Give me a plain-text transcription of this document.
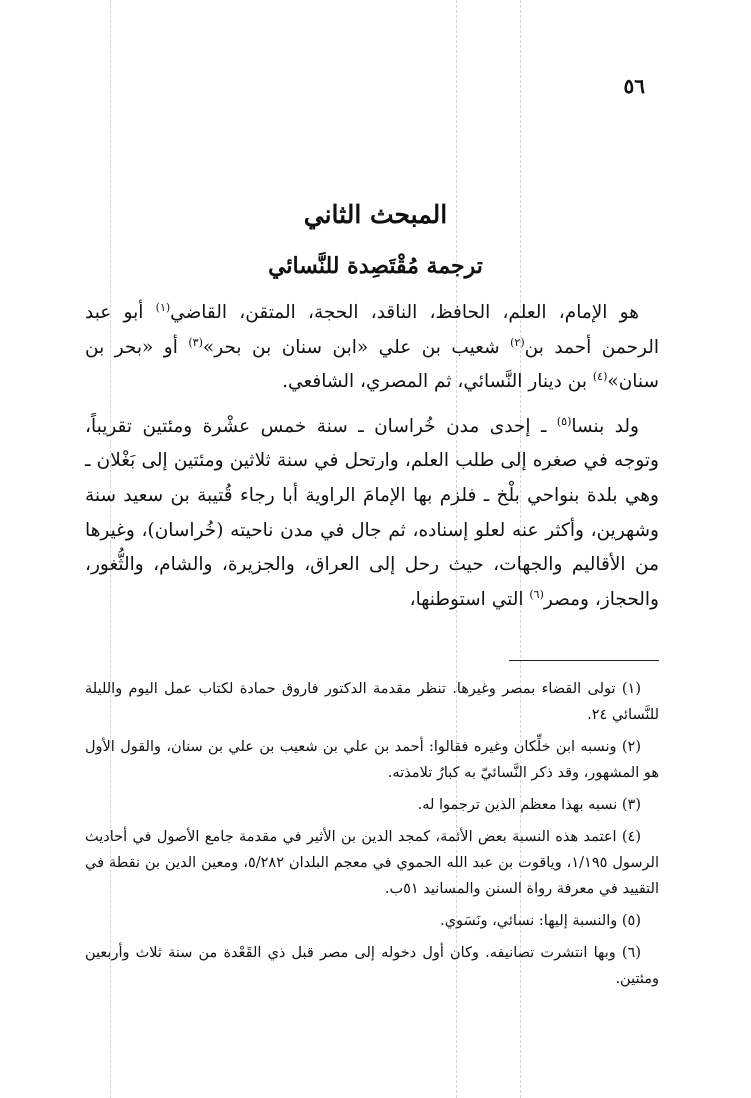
٥٦
المبحث الثاني
ترجمة مُقْتَصِدة للنَّسائي

هو الإمام، العلم، الحافظ، الناقد، الحجة، المتقن، القاضي$^{(١)}$ أبو عبد الرحمن أحمد بن$^{(٢)}$ شعيب بن علي «ابن سنان بن بحر»$^{(٣)}$ أو «بحر بن سنان»$^{(٤)}$ بن دينار النَّسائي، ثم المصري، الشافعي.

ولد بنسا$^{(٥)}$ ـ إحدى مدن خُراسان ـ سنة خمس عشْرة ومئتين تقريباً، وتوجه في صغره إلى طلب العلم، وارتحل في سنة ثلاثين ومئتين إلى بَغْلان ـ وهي بلدة بنواحي بلْخ ـ فلزم بها الإمامَ الراوية أبا رجاء قُتيبة بن سعيد سنة وشهرين، وأكثر عنه لعلو إسناده، ثم جال في مدن ناحيته (خُراسان)، وغيرها من الأقاليم والجهات، حيث رحل إلى العراق، والجزيرة، والشام، والثُّغور، والحجاز، ومصر$^{(٦)}$ التي استوطنها،

(١) تولى القضاء بمصر وغيرها. تنظر مقدمة الدكتور فاروق حمادة لكتاب عمل اليوم والليلة للنَّسائي ٢٤.

(٢) ونسبه ابن خلِّكان وغيره فقالوا: أحمد بن علي بن شعيب بن علي بن سنان، والقول الأول هو المشهور، وقد ذكر النَّسائيّ به كبارُ تلامذته.

(٣) نسبه بهذا معظم الذين ترجموا له.

(٤) اعتمد هذه النسبة بعض الأئمة، كمجد الدين بن الأثير في مقدمة جامع الأصول في أحاديث الرسول ١/١٩٥، وياقوت بن عبد الله الحموي في معجم البلدان ٥/٢٨٢، ومعين الدين بن نقطة في التقييد في معرفة رواة السنن والمسانيد ٥١ب.

(٥) والنسبة إليها: نسائي، ونَسَوي.

(٦) وبها انتشرت تصانيفه. وكان أول دخوله إلى مصر قبل ذي القَعْدة من سنة ثلاث وأربعين ومئتين.
